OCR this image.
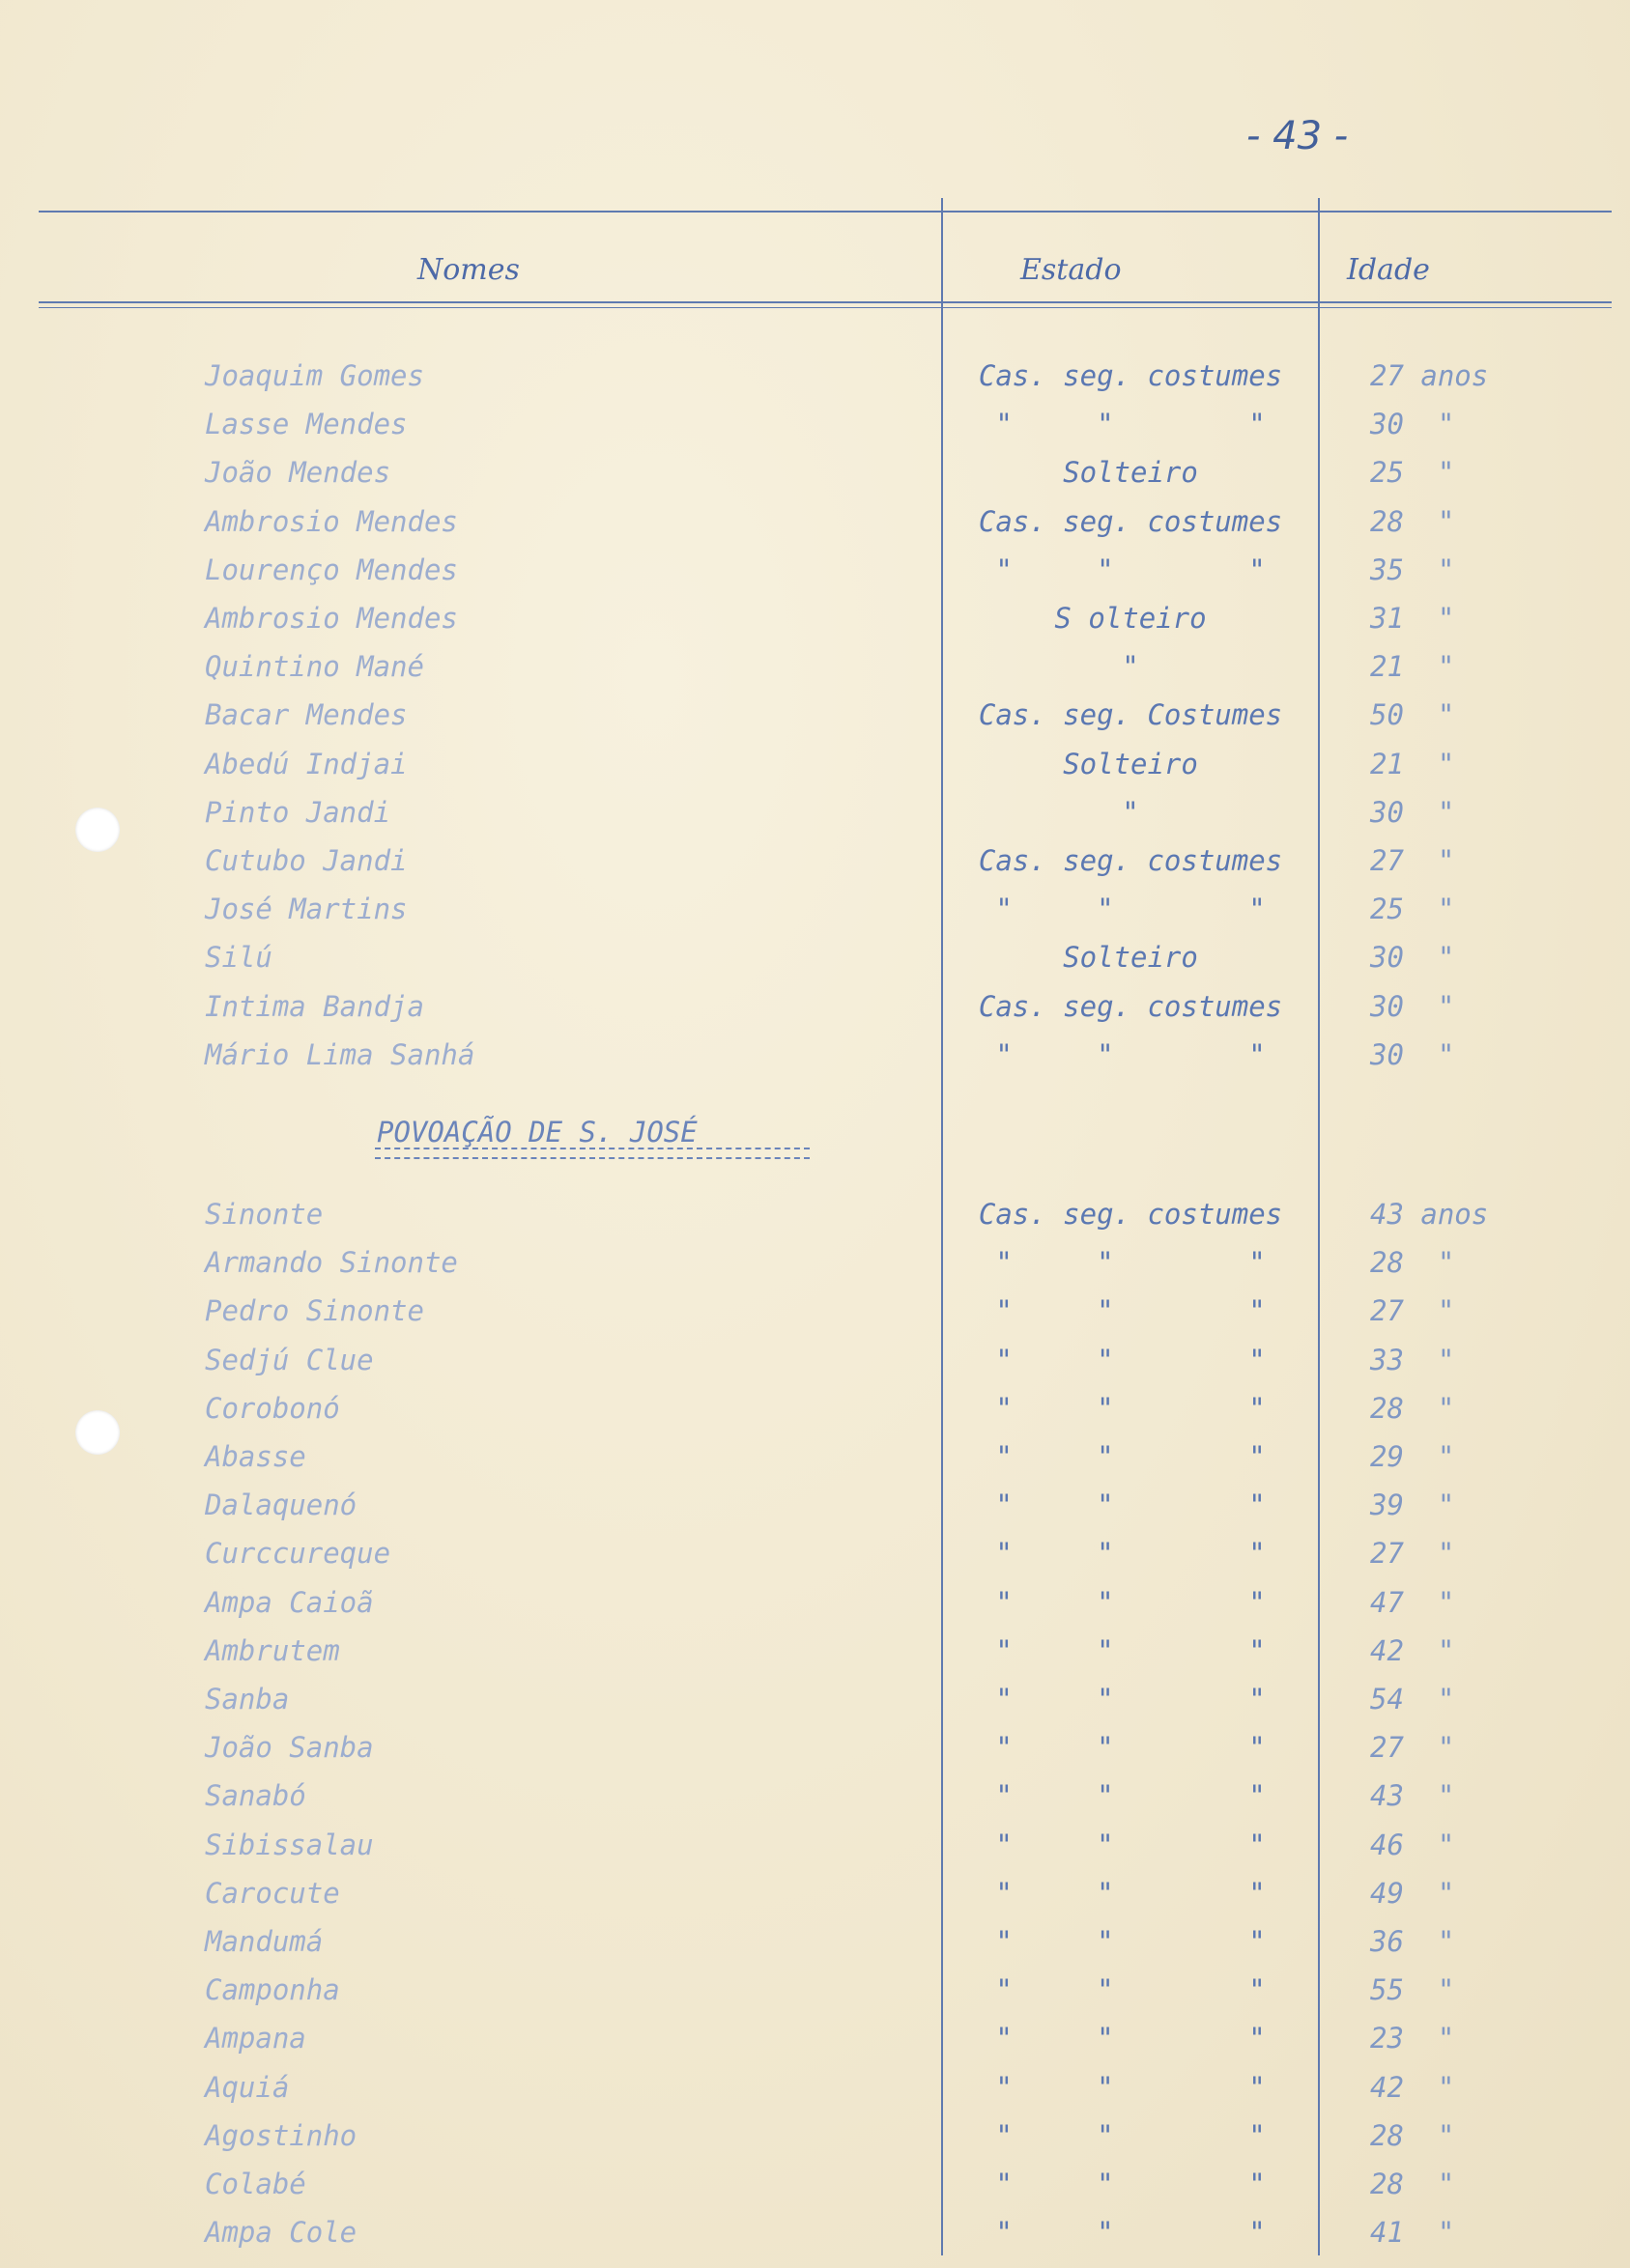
- 43 -
Nomes	Estado	Idade
POVOAÇÃO DE S. JOSÉ
Joaquim Gomes	Cas. seg. costumes	27 anos
Lasse Mendes	"     "        "	30  "
João Mendes	Solteiro	25  "
Ambrosio Mendes	Cas. seg. costumes	28  "
Lourenço Mendes	"     "        "	35  "
Ambrosio Mendes	S olteiro	31  "
Quintino Mané	"	21  "
Bacar Mendes	Cas. seg. Costumes	50  "
Abedú Indjai	Solteiro	21  "
Pinto Jandi	"	30  "
Cutubo Jandi	Cas. seg. costumes	27  "
José Martins	"     "        "	25  "
Silú	Solteiro	30  "
Intima Bandja	Cas. seg. costumes	30  "
Mário Lima Sanhá	"     "        "	30  "
Sinonte	Cas. seg. costumes	43 anos
Armando Sinonte	"     "        "	28  "
Pedro Sinonte	"     "        "	27  "
Sedjú Clue	"     "        "	33  "
Corobonó	"     "        "	28  "
Abasse	"     "        "	29  "
Dalaquenó	"     "        "	39  "
Curccureque	"     "        "	27  "
Ampa Caioã	"     "        "	47  "
Ambrutem	"     "        "	42  "
Sanba	"     "        "	54  "
João Sanba	"     "        "	27  "
Sanabó	"     "        "	43  "
Sibissalau	"     "        "	46  "
Carocute	"     "        "	49  "
Mandumá	"     "        "	36  "
Camponha	"     "        "	55  "
Ampana	"     "        "	23  "
Aquiá	"     "        "	42  "
Agostinho	"     "        "	28  "
Colabé	"     "        "	28  "
Ampa Cole	"     "        "	41  "
